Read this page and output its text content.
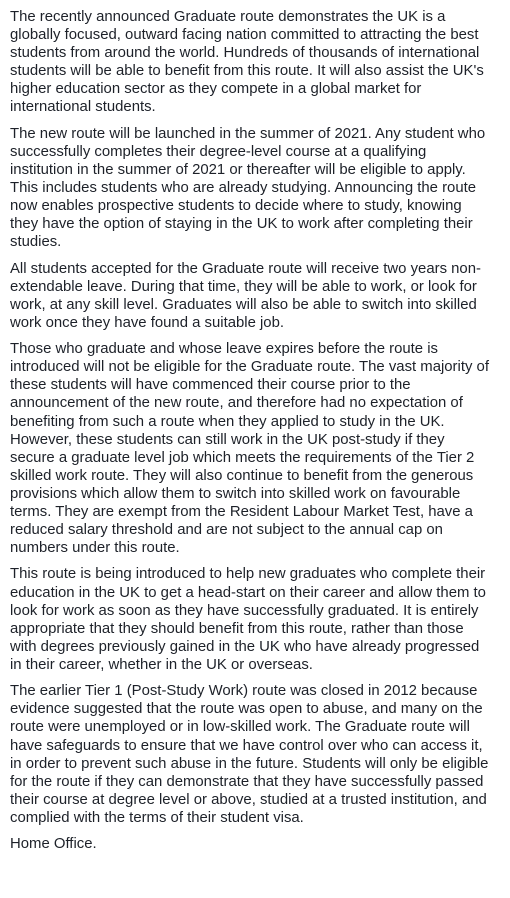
The recently announced Graduate route demonstrates the UK is a
globally focused, outward facing nation committed to attracting the best
students from around the world. Hundreds of thousands of international
students will be able to benefit from this route. It will also assist the UK's
higher education sector as they compete in a global market for
international students.

The new route will be launched in the summer of 2021. Any student who
successfully completes their degree-level course at a qualifying
institution in the summer of 2021 or thereafter will be eligible to apply.
This includes students who are already studying. Announcing the route
now enables prospective students to decide where to study, knowing
they have the option of staying in the UK to work after completing their
studies.

All students accepted for the Graduate route will receive two years non-
extendable leave. During that time, they will be able to work, or look for
work, at any skill level. Graduates will also be able to switch into skilled
work once they have found a suitable job.

Those who graduate and whose leave expires before the route is
introduced will not be eligible for the Graduate route. The vast majority of
these students will have commenced their course prior to the
announcement of the new route, and therefore had no expectation of
benefiting from such a route when they applied to study in the UK.
However, these students can still work in the UK post-study if they
secure a graduate level job which meets the requirements of the Tier 2
skilled work route. They will also continue to benefit from the generous
provisions which allow them to switch into skilled work on favourable
terms. They are exempt from the Resident Labour Market Test, have a
reduced salary threshold and are not subject to the annual cap on
numbers under this route.

This route is being introduced to help new graduates who complete their
education in the UK to get a head-start on their career and allow them to
look for work as soon as they have successfully graduated. It is entirely
appropriate that they should benefit from this route, rather than those
with degrees previously gained in the UK who have already progressed
in their career, whether in the UK or overseas.

The earlier Tier 1 (Post-Study Work) route was closed in 2012 because
evidence suggested that the route was open to abuse, and many on the
route were unemployed or in low-skilled work. The Graduate route will
have safeguards to ensure that we have control over who can access it,
in order to prevent such abuse in the future. Students will only be eligible
for the route if they can demonstrate that they have successfully passed
their course at degree level or above, studied at a trusted institution, and
complied with the terms of their student visa.

Home Office.
